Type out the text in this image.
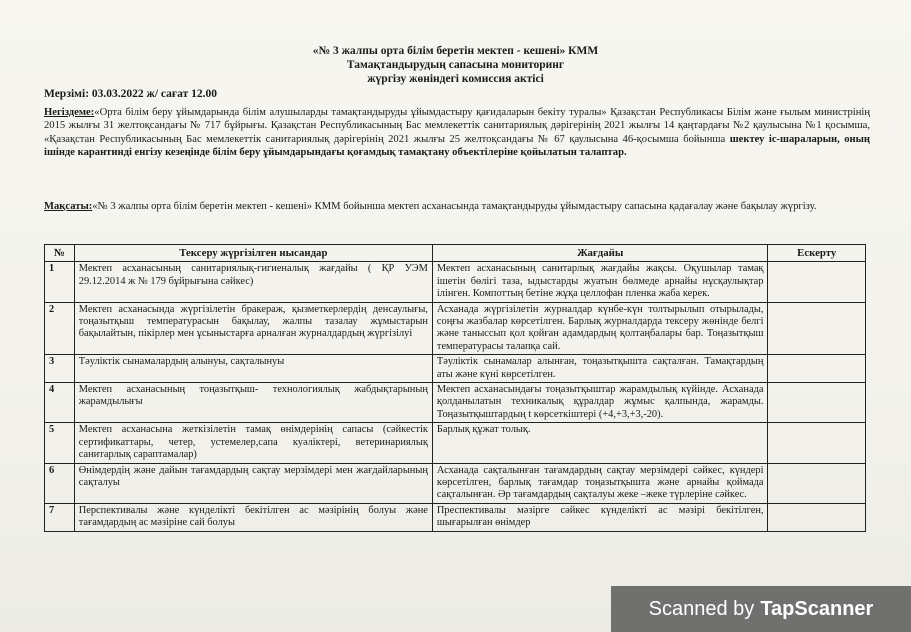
«№ 3 жалпы орта білім беретін мектеп - кешені» КММ
Тамақтандырудың сапасына мониторинг
жүргізу жөніндегі комиссия актісі
Мерзімі: 03.03.2022 ж/ сағат 12.00
Негіздеме:«Орта білім беру ұйымдарында білім алушыларды тамақтандыруды ұйымдастыру қағидаларын бекіту туралы» Қазақстан Республикасы Білім және ғылым министрінің 2015 жылғы 31 желтоқсандағы № 717 бұйрығы. Қазақстан Республикасының Бас мемлекеттік санитариялық дәрігерінің 2021 жылғы 14 қаңтардағы №2 қаулысына №1 қосымша, «Қазақстан Республикасының Бас мемлекеттік санитариялық дәрігерінің 2021 жылғы 25 желтоқсандағы № 67 қаулысына 46-қосымша бойынша шектеу іс-шараларын, оның ішінде карантинді енгізу кезеңінде білім беру ұйымдарындағы қоғамдық тамақтану объектілеріне қойылатын талаптар.
Мақсаты:«№ 3 жалпы орта білім беретін мектеп - кешені» КММ бойынша мектеп асханасында тамақтандыруды ұйымдастыру сапасына қадағалау және бақылау жүргізу.
№	Тексеру жүргізілген нысандар	Жағдайы	Ескерту
1	Мектеп асханасының санитариялық-гигиеналық жағдайы ( ҚР УЭМ 29.12.2014 ж № 179 бұйрығына сәйкес)	Мектеп асханасының санитарлық жағдайы жақсы. Оқушылар тамақ ішетін бөлігі таза, ыдыстарды жуатын бөлмеде арнайы нұсқаулықтар ілінген. Компоттың бетіне жұқа целлофан пленка жаба керек.	
2	Мектеп асханасында жүргізілетін бракераж, қызметкерлердің денсаулығы, тоңазытқыш температурасын бақылау, жалпы тазалау жұмыстарын бақылайтын, пікірлер мен ұсыныстарға арналған журналдардың жүргізілуі	Асханада жүргізілетін журналдар күнбе-күн толтырылып отырылады, соңғы жазбалар көрсетілген. Барлық журналдарда тексеру жөнінде белгі және таныссып қол қойған адамдардың қолтаңбалары бар. Тоңазытқыш температурасы талапқа сай.	
3	Тәуліктік сынамалардың алынуы, сақталынуы	Тәуліктік сынамалар алынған, тоңазытқышта сақталған. Тамақтардың аты және күні көрсетілген.	
4	Мектеп асханасының тоңазытқыш- технологиялық жабдықтарының жарамдылығы	Мектеп асханасындағы тоңазытқыштар жарамдылық күйінде. Асханада қолданылатын техникалық құралдар жұмыс қалпында, жарамды. Тоңазытқыштардың t көрсеткіштері (+4,+3,+3,-20).	
5	Мектеп асханасына жеткізілетін тамақ өнімдерінің сапасы (сәйкестік сертификаттары, четер, устемелер,сапа куәліктері, ветеринариялық санитарлық сараптамалар)	Барлық құжат толық.	
6	Өнімдердің және дайын тағамдардың сақтау мерзімдері мен жағдайларының сақталуы	Асханада сақталынған тағамдардың сақтау мерзімдері сәйкес, күндері көрсетілген, барлық тағамдар тоңазытқышта және арнайы қоймада сақталынған. Әр тағамдардың сақталуы жеке –жеке түрлеріне сәйкес.	
7	Перспективалы және күнделікті бекітілген ас мәзірінің болуы және тағамдардың ас мәзіріне сай болуы	Преспективалы мәзірге сәйкес күнделікті ас мәзірі бекітілген, шығарылған өнімдер	
Scanned by TapScanner
